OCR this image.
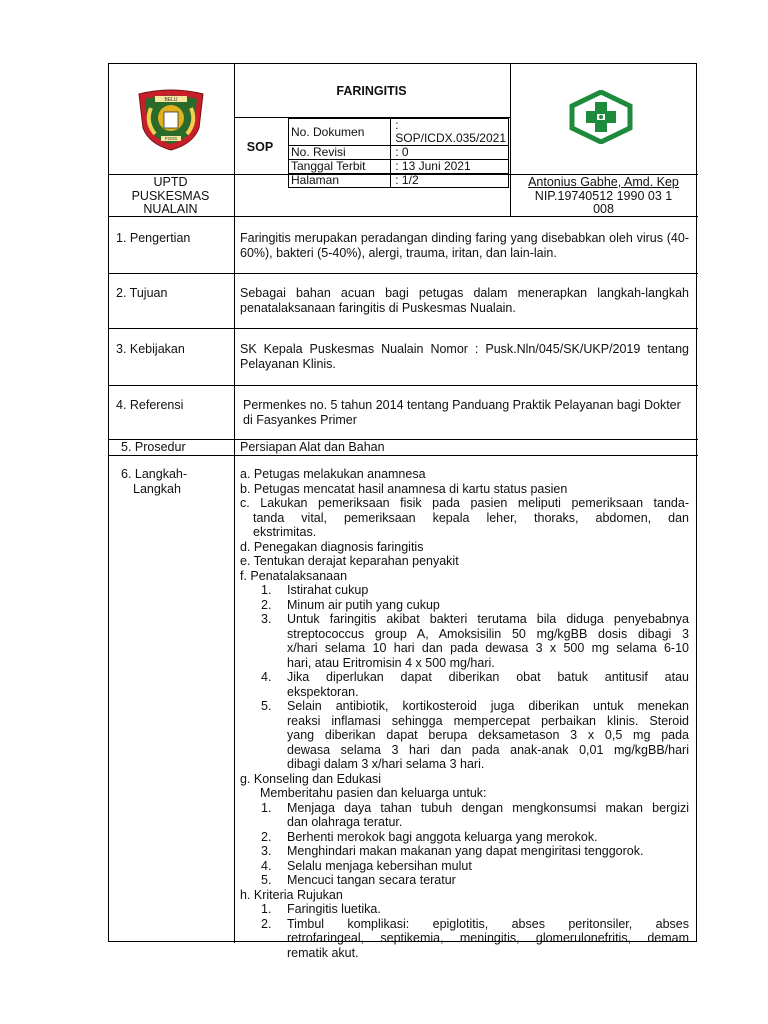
BELU
FOSS
FARINGITIS
SOP
No. Dokumen	: SOP/ICDX.035/2021
No. Revisi	: 0
Tanggal Terbit	: 13 Juni 2021
Halaman	: 1/2
UPTD
PUSKESMAS
NUALAIN
Antonius Gabhe, Amd. Kep
NIP.19740512 1990 03 1
008
1. Pengertian	Faringitis merupakan peradangan dinding faring yang disebabkan oleh virus (40-60%), bakteri (5-40%), alergi, trauma, iritan, dan lain-lain.
2. Tujuan	Sebagai bahan acuan bagi petugas dalam menerapkan langkah-langkah penatalaksanaan faringitis di Puskesmas Nualain.
3. Kebijakan	SK Kepala Puskesmas Nualain Nomor : Pusk.Nln/045/SK/UKP/2019 tentang Pelayanan Klinis.
4. Referensi	Permenkes no. 5 tahun 2014 tentang Panduang Praktik Pelayanan bagi Dokter di Fasyankes Primer
5. Prosedur	Persiapan Alat dan Bahan
6. Langkah-
Langkah
a. Petugas melakukan anamnesa
b. Petugas mencatat hasil anamnesa di kartu status pasien
c. Lakukan pemeriksaan fisik pada pasien meliputi pemeriksaan tanda-
tanda vital, pemeriksaan kepala leher, thoraks, abdomen, dan
ekstrimitas.
d. Penegakan diagnosis faringitis
e. Tentukan derajat keparahan penyakit
f. Penatalaksanaan
1. Istirahat cukup
2. Minum air putih yang cukup
3. Untuk faringitis akibat bakteri terutama bila diduga penyebabnya
streptococcus group A, Amoksisilin 50 mg/kgBB dosis dibagi 3
x/hari selama 10 hari dan pada dewasa 3 x 500 mg selama 6-10
hari, atau Eritromisin 4 x 500 mg/hari.
4. Jika diperlukan dapat diberikan obat batuk antitusif atau
ekspektoran.
5. Selain antibiotik, kortikosteroid juga diberikan untuk menekan
reaksi inflamasi sehingga mempercepat perbaikan klinis. Steroid
yang diberikan dapat berupa deksametason 3 x 0,5 mg pada
dewasa selama 3 hari dan pada anak-anak 0,01 mg/kgBB/hari
dibagi dalam 3 x/hari selama 3 hari.
g. Konseling dan Edukasi
Memberitahu pasien dan keluarga untuk:
1. Menjaga daya tahan tubuh dengan mengkonsumsi makan bergizi
dan olahraga teratur.
2. Berhenti merokok bagi anggota keluarga yang merokok.
3. Menghindari makan makanan yang dapat mengiritasi tenggorok.
4. Selalu menjaga kebersihan mulut
5. Mencuci tangan secara teratur
h. Kriteria Rujukan
1. Faringitis luetika.
2. Timbul komplikasi: epiglotitis, abses peritonsiler, abses
retrofaringeal, septikemia, meningitis, glomerulonefritis, demam
rematik akut.
